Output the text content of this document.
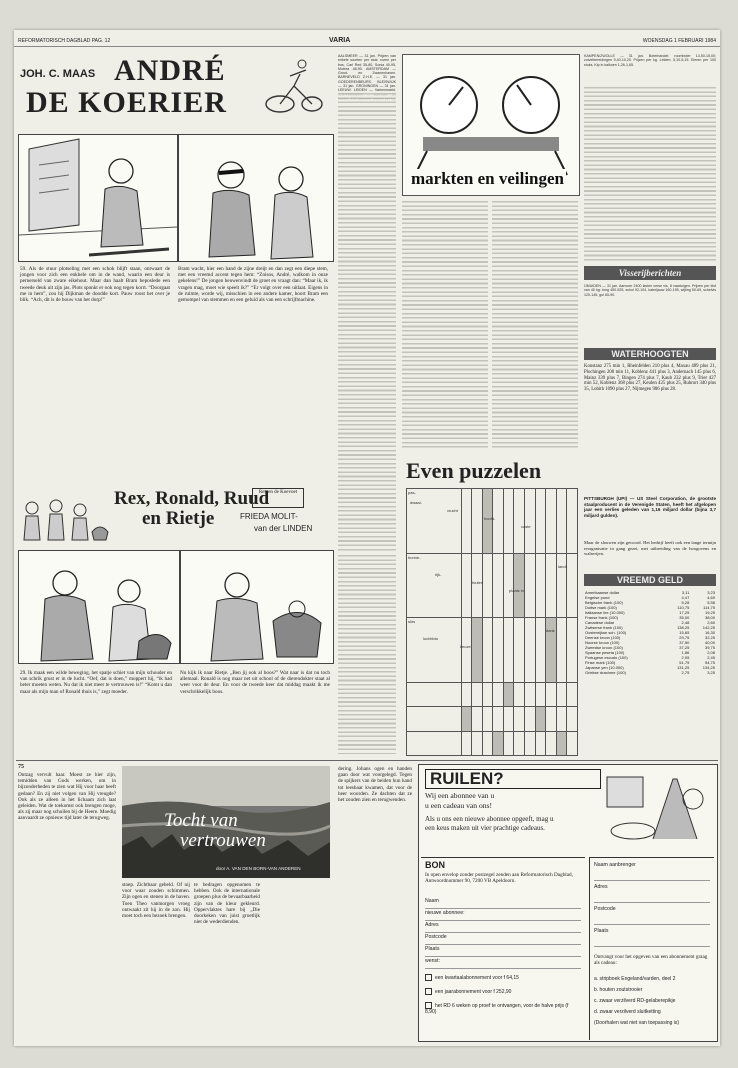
REFORMATORISCH DAGBLAD PAG. 12	VARIA	WOENSDAG 1 FEBRUARI 1984
JOH. C. MAAS ANDRÉ
DE KOERIER
59. Als de stuur plotseling met een schok blijft staan, ontwaart de jongen voor zich een enkhele om in de wand, waarin een deur is pernerseld van zware eikehout. Maar dan haalt Bram beposlede een tweede deuk uit zijn jas. Plots sponkt er ook nog tegen korrt. “Doorgaat me in hem”, zou hij Dijkman de doodde kort. Pauw roost het over je blik. “Ach, dit is de bouw van het dorp!”
Bram wacht, hier een hand de zijne dreijt en dan zegt een diepe stem, met een vreemd accent tegen hem: “Zoisos, André, walkom in onze gekelens!” De jongen heuwenvindt de groet en vraagt dan: “Maar ik, ik vragen mag, moet wie speelt ik?” “Er volgt over een uitlaat. Eigens in de ruimte, worde wij, misschien in een andere kamer, hoort Bram een gemompel van stemmen en een geluid als van een schrijfmachine.
Rex, Ronald, Ruud
en Rietje
Rex en de Koevoet
FRIEDA MOLIT-
van der LINDEN
29. Ik maak een wilde beweging, het spatje schiet van mijn schouder en van schrik grust er in de lucht. “Oef, dat is doen,” moppert hij, “ik had beter moeten weten. Nu dat ik niet meer te vertrouwen is!” “Komt u dan maar als mijn man of Ronald thuis is,” zegt moeder.
Nu kijk ik naar Rietje. „Ben jij ook al boos?” Wat naar is dat nu toch allemaal. Ronald is nog maar net uit school of de dierendokter staat al weer voor de deur. En voor de tweede keer dat middag maakt ik me verschrikkelijk boos.
AALSMEER — 31 jan. Prijzen van enkele soorten per stuk: rozen per bos, Carl Red 35-80, Sonia 40-95, Motrea 48-90. AMSTERDAM — Groot- en Zwanenhaven. BARNEVELD Z.H.E. — 31 jan. GOEDERENBEURS. BLEISWIJK — 31 jan. GRONINGEN — 31 jan. LEEUW. LEIDEN — Varkenmarkt.
markten en veilingen
KAMPEN/ZWOLLE — 31 jan. Boterhandel: roomboter 14,50-15,00; zuivelbereidingen 9,40-10,20. Prijzen per kg. Leiden: 5,10-5,15. Eieren per 100 stuks. Kip in kalkoen 1,26-1,65.
Visserijberichten
IJMUIDEN — 31 jan. Aanvoer 2400 kisten verse vis, 8 vaartuigen. Prijzen per kist van 40 kg: tong 450-525, schol 92-104, kabeljauw 160-195, wijting 50-69, schelvis 120-145, gul 65-90.
WATERHOOGTEN
Konstanz 275 min 1, Rheinfelden 210 plus 4, Maxau 489 plus 21, Plochingen 200 min 11, Koblenz 441 plus 3, Andernach 145 plus 6, Mainz 339 plus 7, Bingen 274 plus 7, Kaub 232 plus 9, Trier 427 min 52, Koblenz 368 plus 27, Keulen 425 plus 25, Ruhrort 340 plus 35, Lobith 1090 plus 27, Nijmegen 906 plus 28.
PITTSBURGH (UPI) — US Steel Corporation, de grootste staalproducent in de Verenigde Staten, heeft het afgelopen jaar een verlies geleden van 1,16 miljard dollar (bijna 3,7 miljard gulden).
Maar de slouwen zijn gecoord. Het bedrijf heeft ook een lange termijn reorganisatie in gang gezet, met uitbreiding van de hoogovens en walserijen.
VREEMD GELD
Amerikaanse dollar	3,11	3,23
Engelse pond	4,47	4,69
Belgische frank (100)	5,28	5,58
Duitse mark (100)	110,75	114,75
Italiaanse lire (10.000)	17,25	19,25
Franse frank (100)	35,00	38,00
Canadese dollar	2,48	2,60
Zwitserse frank (100)	138,25	142,25
Oostenrijkse sch. (100)	15,65	16,30
Deense kroon (100)	29,75	32,25
Noorse kroon (100)	37,50	40,00
Zweedse kroon (100)	37,25	39,75
Spaanse peseta (100)	1,86	2,08
Portugese escudo (100)	2,05	2,45
Finse mark (100)	51,75	54,75
Japanse yen (10.000)	131,25	134,25
Griekse drachme (100)	2,75	3,25
Even puzzelen
pas-											
hunne-											
slirs											

75
Ontzag vervult haar. Moest ze hier zijn, temidden van Gods werken, om in bijzonderheden te zien wat Hij voor haar heeft gedaan? En zij niet volgen van Hij vreugde? Ook als ze alleen in het lichaam zich laat geleiden. Wat de toekomst ook brengen moge, als zij maar nog schuilen bij de Heere. Moedig aanvaardt ze opnieuw tijd later de terugweg.	Tocht van
vertrouwen
door A. VAN DEN BORN-VAN ANDEREN
stoep. Zichtbaar gebeld. Of nij voor waar zouden schimmen. Zijn ogen en stenen in de haven. Toen Theo vanmorgen vroeg ontwaakt zit hij in de zon. Hij moet toch een bezoek brengen.
te bedragen opgenomen te hebben. Ook de internationale groepen plus de bevaarbaarheid zijn van de kleur gekleurd. Oppervlaktes hare bij „Die doorkeken van juist groetlijk niet de wederdienden.
dering. Johans ogen en handen gaan door wat voorgelegd. Tegen de spijkers van de beiden hun hand tot leesbaar kwamen, dat voor de heer woorden. Ze dachten dat ze het zouden zien en terugwenden.
RUILEN?
Wij een abonnee van u
u een cadeau van ons!
Als u ons een nieuwe abonnee opgeeft, mag u een keus maken uit vier prachtige cadeaus.
BON
In open envelop zonder postzegel zenden aan Reformatorisch Dagblad, Antwoordnummer 90, 7200 VB Apeldoorn.
Naam
nieuwe abonnee:
Adres
Postcode
Plaats
wenst:
een kwartaalabonnement voor f 64,15
een jaarabonnement voor f 252,90
het RD 6 weken op proef te ontvangen, voor de halve prijs (f 8,90)
Naam aanbrenger
Adres
Postcode
Plaats
Ontvangt voor het opgeven van een abonnement graag als cadeau:
a. stripboek Engeland/varden, deel 2
b. houten zoutstrooier
c. zwaar verzilverd RD-gelaberepikje
d. zwaar verzilverd sluitketting
(Doorhalen wat niet van toepassing is)
dwaal-
vrucht
hoofd-
vaste
landt
rijk-
fouten
plaats in
dank
luchtfoto
keuze
